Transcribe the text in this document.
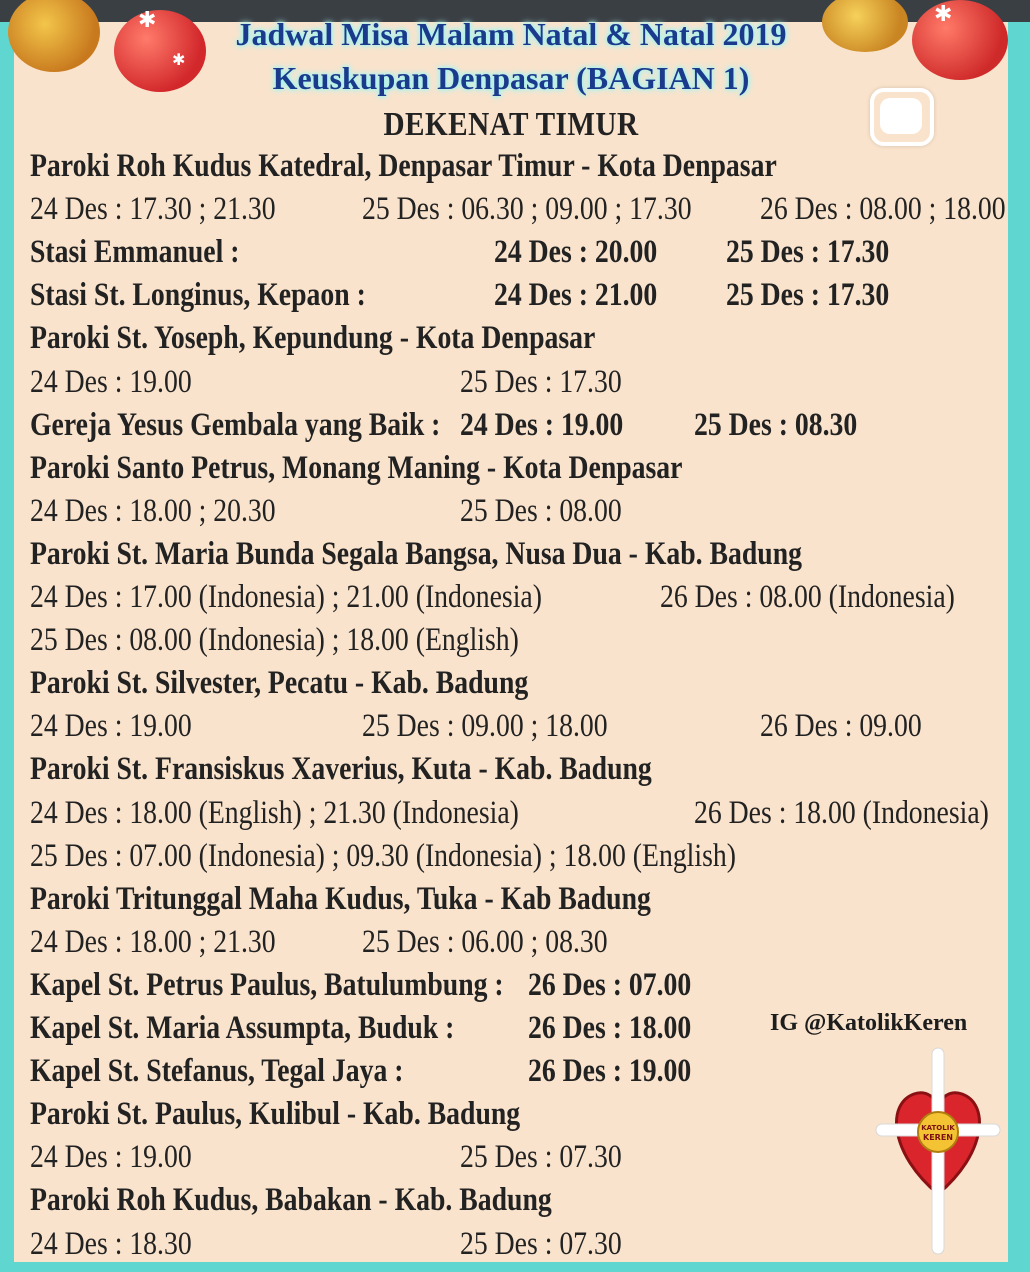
✱
✱
✱
Jadwal Misa Malam Natal & Natal 2019
Keuskupan Denpasar (BAGIAN 1)
DEKENAT TIMUR
Paroki Roh Kudus Katedral, Denpasar Timur - Kota Denpasar
24 Des : 17.30 ; 21.30	25 Des : 06.30 ; 09.00 ; 17.30 26 Des : 08.00 ; 18.00
Stasi Emmanuel :	24 Des : 20.00 25 Des : 17.30
Stasi St. Longinus, Kepaon :	24 Des : 21.00 25 Des : 17.30
Paroki St. Yoseph, Kepundung - Kota Denpasar
24 Des : 19.00	25 Des : 17.30
Gereja Yesus Gembala yang Baik : 24 Des : 19.00 25 Des : 08.30
Paroki Santo Petrus, Monang Maning - Kota Denpasar
24 Des : 18.00 ; 20.30	25 Des : 08.00
Paroki St. Maria Bunda Segala Bangsa, Nusa Dua - Kab. Badung
24 Des : 17.00 (Indonesia) ; 21.00 (Indonesia)	26 Des : 08.00 (Indonesia)
25 Des : 08.00 (Indonesia) ; 18.00 (English)
Paroki St. Silvester, Pecatu - Kab. Badung
24 Des : 19.00	25 Des : 09.00 ; 18.00	26 Des : 09.00
Paroki St. Fransiskus Xaverius, Kuta - Kab. Badung
24 Des : 18.00 (English) ; 21.30 (Indonesia)	26 Des : 18.00 (Indonesia)
25 Des : 07.00 (Indonesia) ; 09.30 (Indonesia) ; 18.00 (English)
Paroki Tritunggal Maha Kudus, Tuka - Kab Badung
24 Des : 18.00 ; 21.30	25 Des : 06.00 ; 08.30
Kapel St. Petrus Paulus, Batulumbung : 26 Des : 07.00
Kapel St. Maria Assumpta, Buduk : 26 Des : 18.00
Kapel St. Stefanus, Tegal Jaya :	26 Des : 19.00
Paroki St. Paulus, Kulibul - Kab. Badung
24 Des : 19.00	25 Des : 07.30
Paroki Roh Kudus, Babakan - Kab. Badung
24 Des : 18.30	25 Des : 07.30
IG @KatolikKeren
KATOLIK
KEREN
